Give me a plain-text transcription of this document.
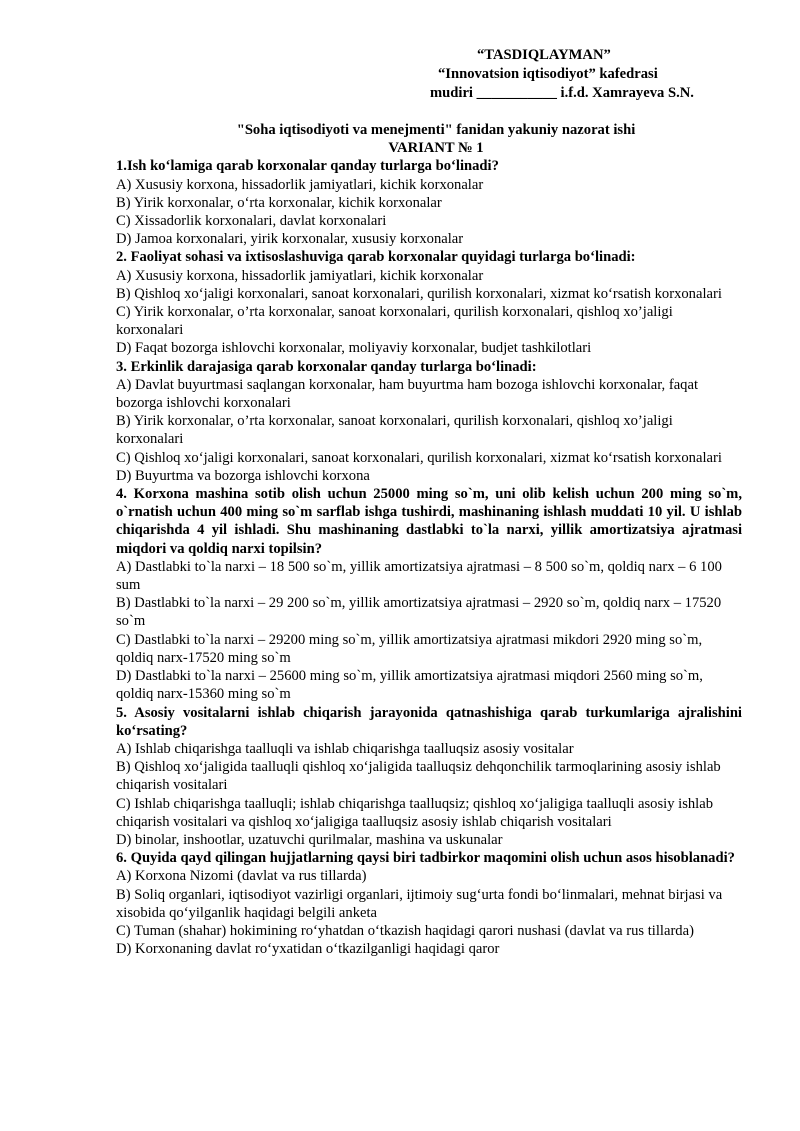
“TASDIQLAYMAN”
“Innovatsion iqtisodiyot” kafedrasi
mudiri ___________ i.f.d. Xamrayeva S.N.

"Soha iqtisodiyoti va menejmenti" fanidan yakuniy nazorat ishi

VARIANT № 1

1.Ish ko‘lamiga qarab korxonalar qanday turlarga bo‘linadi?

A) Xususiy korxona, hissadorlik jamiyatlari, kichik korxonalar

B) Yirik korxonalar, o‘rta korxonalar, kichik korxonalar

C) Xissadorlik korxonalari, davlat korxonalari

D) Jamoa korxonalari, yirik korxonalar, xususiy korxonalar

2. Faoliyat sohasi va ixtisoslashuviga qarab korxonalar quyidagi turlarga bo‘linadi:

A) Xususiy korxona, hissadorlik jamiyatlari, kichik korxonalar

B) Qishloq xo‘jaligi korxonalari, sanoat korxonalari, qurilish korxonalari, xizmat ko‘rsatish korxonalari

C) Yirik korxonalar, o’rta korxonalar, sanoat korxonalari, qurilish korxonalari, qishloq xo’jaligi korxonalari

D) Faqat bozorga ishlovchi korxonalar, moliyaviy korxonalar, budjet tashkilotlari

3. Erkinlik darajasiga qarab korxonalar qanday turlarga bo‘linadi:

A) Davlat buyurtmasi saqlangan korxonalar, ham buyurtma ham bozoga ishlovchi korxonalar, faqat bozorga ishlovchi korxonalari

B) Yirik korxonalar, o’rta korxonalar, sanoat korxonalari, qurilish korxonalari, qishloq xo’jaligi korxonalari

C) Qishloq xo‘jaligi korxonalari, sanoat korxonalari, qurilish korxonalari, xizmat ko‘rsatish korxonalari

D) Buyurtma va bozorga ishlovchi korxona

4. Korxona mashina sotib olish uchun 25000 ming so`m, uni olib kelish uchun 200 ming so`m, o`rnatish uchun 400 ming so`m sarflab ishga tushirdi, mashinaning ishlash muddati 10 yil. U ishlab chiqarishda 4 yil ishladi. Shu mashinaning dastlabki to`la narxi, yillik amortizatsiya ajratmasi miqdori va qoldiq narxi topilsin?

A) Dastlabki to`la narxi – 18 500 so`m, yillik amortizatsiya ajratmasi – 8 500 so`m, qoldiq narx – 6 100 sum

B) Dastlabki to`la narxi – 29 200 so`m, yillik amortizatsiya ajratmasi – 2920 so`m, qoldiq narx – 17520 so`m

C) Dastlabki to`la narxi – 29200 ming so`m, yillik amortizatsiya ajratmasi mikdori 2920 ming so`m, qoldiq narx-17520 ming so`m

D) Dastlabki to`la narxi – 25600 ming so`m, yillik amortizatsiya ajratmasi miqdori 2560 ming so`m, qoldiq narx-15360 ming so`m

5. Asosiy vositalarni ishlab chiqarish jarayonida qatnashishiga qarab turkumlariga ajralishini ko‘rsating?

A) Ishlab chiqarishga taalluqli va ishlab chiqarishga taalluqsiz asosiy vositalar

B) Qishloq xo‘jaligida taalluqli qishloq xo‘jaligida taalluqsiz dehqonchilik tarmoqlarining asosiy ishlab chiqarish vositalari

C) Ishlab chiqarishga taalluqli; ishlab chiqarishga taalluqsiz; qishloq xo‘jaligiga taalluqli asosiy ishlab chiqarish vositalari va qishloq xo‘jaligiga taalluqsiz asosiy ishlab chiqarish vositalari

D) binolar, inshootlar, uzatuvchi qurilmalar, mashina va uskunalar

6. Quyida qayd qilingan hujjatlarning qaysi biri tadbirkor maqomini olish uchun asos hisoblanadi?

A) Korxona Nizomi (davlat va rus tillarda)

B) Soliq organlari, iqtisodiyot vazirligi organlari, ijtimoiy sug‘urta fondi bo‘linmalari, mehnat birjasi va xisobida qo‘yilganlik haqidagi belgili anketa

C) Tuman (shahar) hokimining ro‘yhatdan o‘tkazish haqidagi qarori nushasi (davlat va rus tillarda)

D) Korxonaning davlat ro‘yxatidan o‘tkazilganligi haqidagi qaror
